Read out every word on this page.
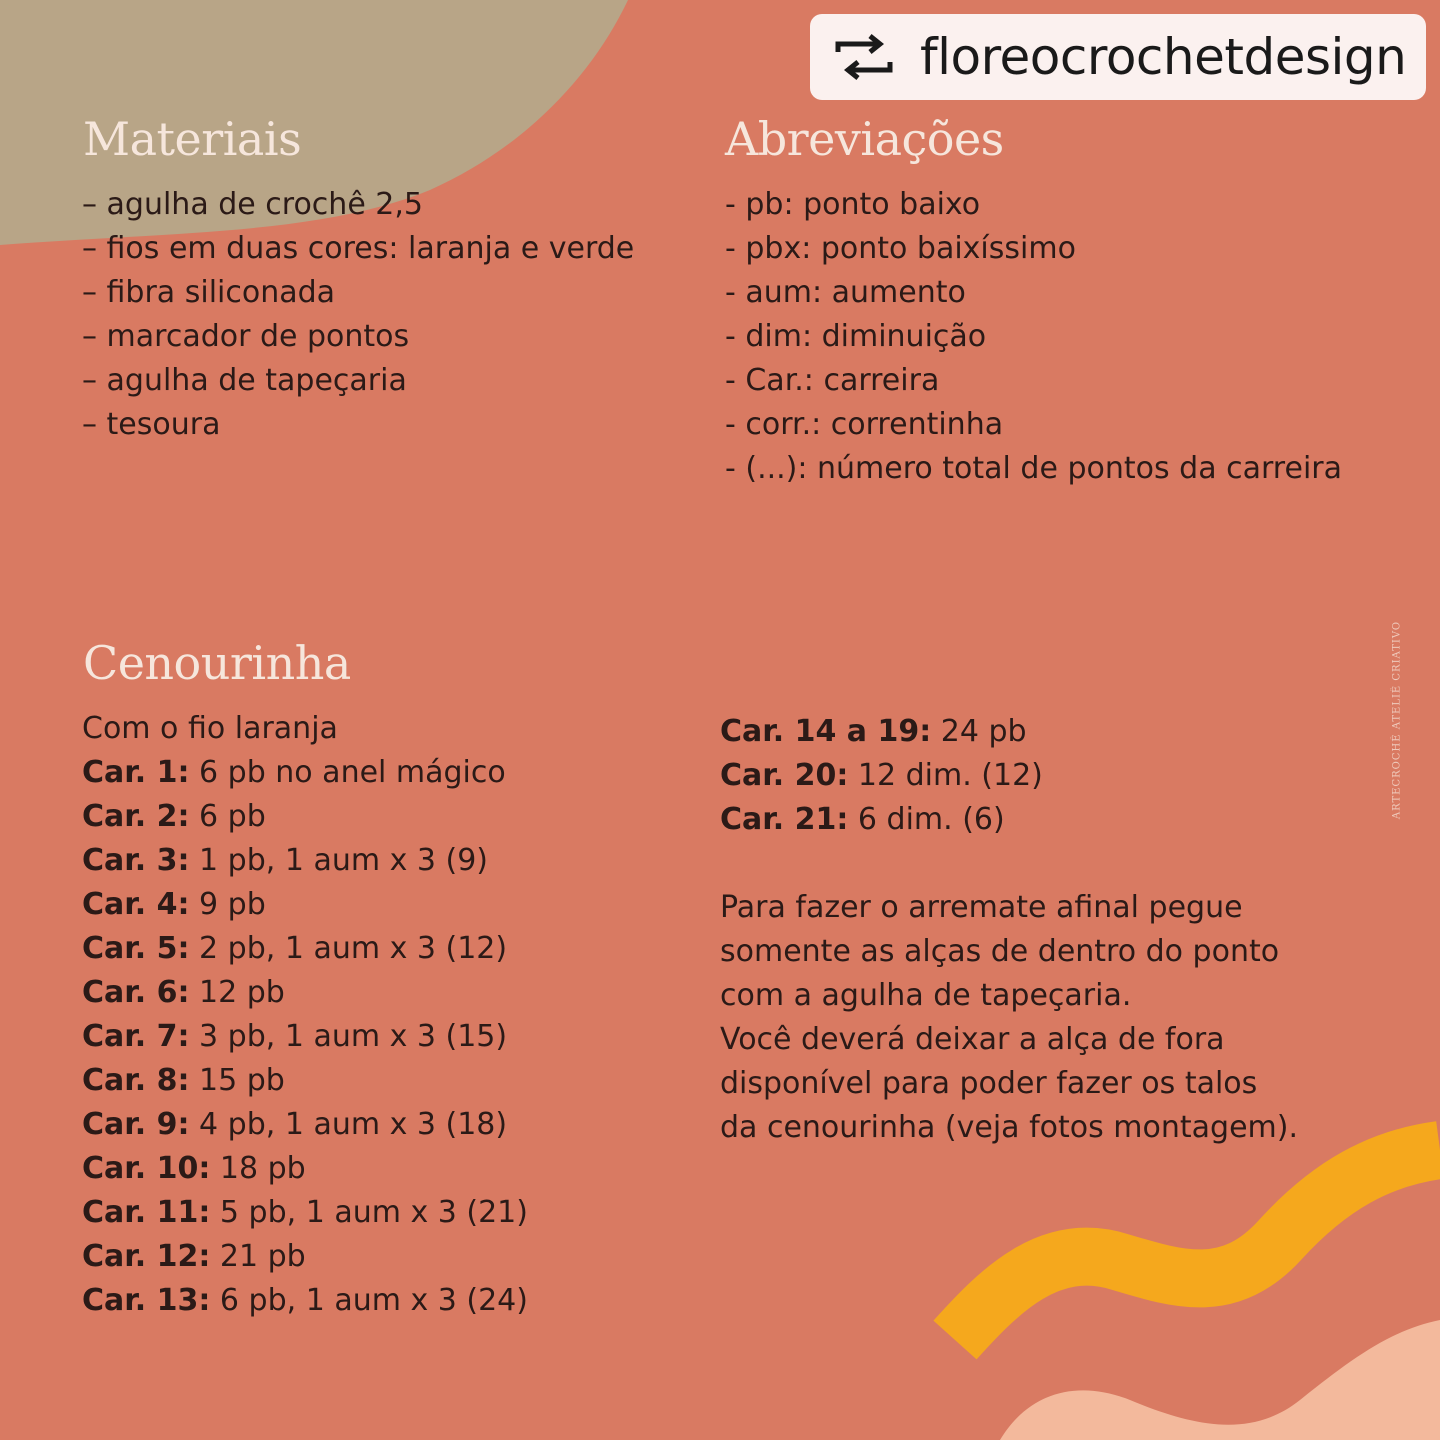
floreocrochetdesign
Materiais
– agulha de crochê 2,5
– fios em duas cores: laranja e verde
– fibra siliconada
– marcador de pontos
– agulha de tapeçaria
– tesoura
Abreviações
- pb: ponto baixo
- pbx: ponto baixíssimo
- aum: aumento
- dim: diminuição
- Car.: carreira
- corr.: correntinha
- (...): número total de pontos da carreira
Cenourinha
Com o fio laranja
Car. 1: 6 pb no anel mágico
Car. 2: 6 pb
Car. 3: 1 pb, 1 aum x 3 (9)
Car. 4: 9 pb
Car. 5: 2 pb, 1 aum x 3 (12)
Car. 6: 12 pb
Car. 7: 3 pb, 1 aum x 3 (15)
Car. 8: 15 pb
Car. 9: 4 pb, 1 aum x 3 (18)
Car. 10: 18 pb
Car. 11: 5 pb, 1 aum x 3 (21)
Car. 12: 21 pb
Car. 13: 6 pb, 1 aum x 3 (24)
Car. 14 a 19: 24 pb
Car. 20: 12 dim. (12)
Car. 21: 6 dim. (6)
Para fazer o arremate afinal pegue
somente as alças de dentro do ponto
com a agulha de tapeçaria.
Você deverá deixar a alça de fora
disponível para poder fazer os talos
da cenourinha (veja fotos montagem).
ARTECROCHÊ ATELIÊ CRIATIVO
